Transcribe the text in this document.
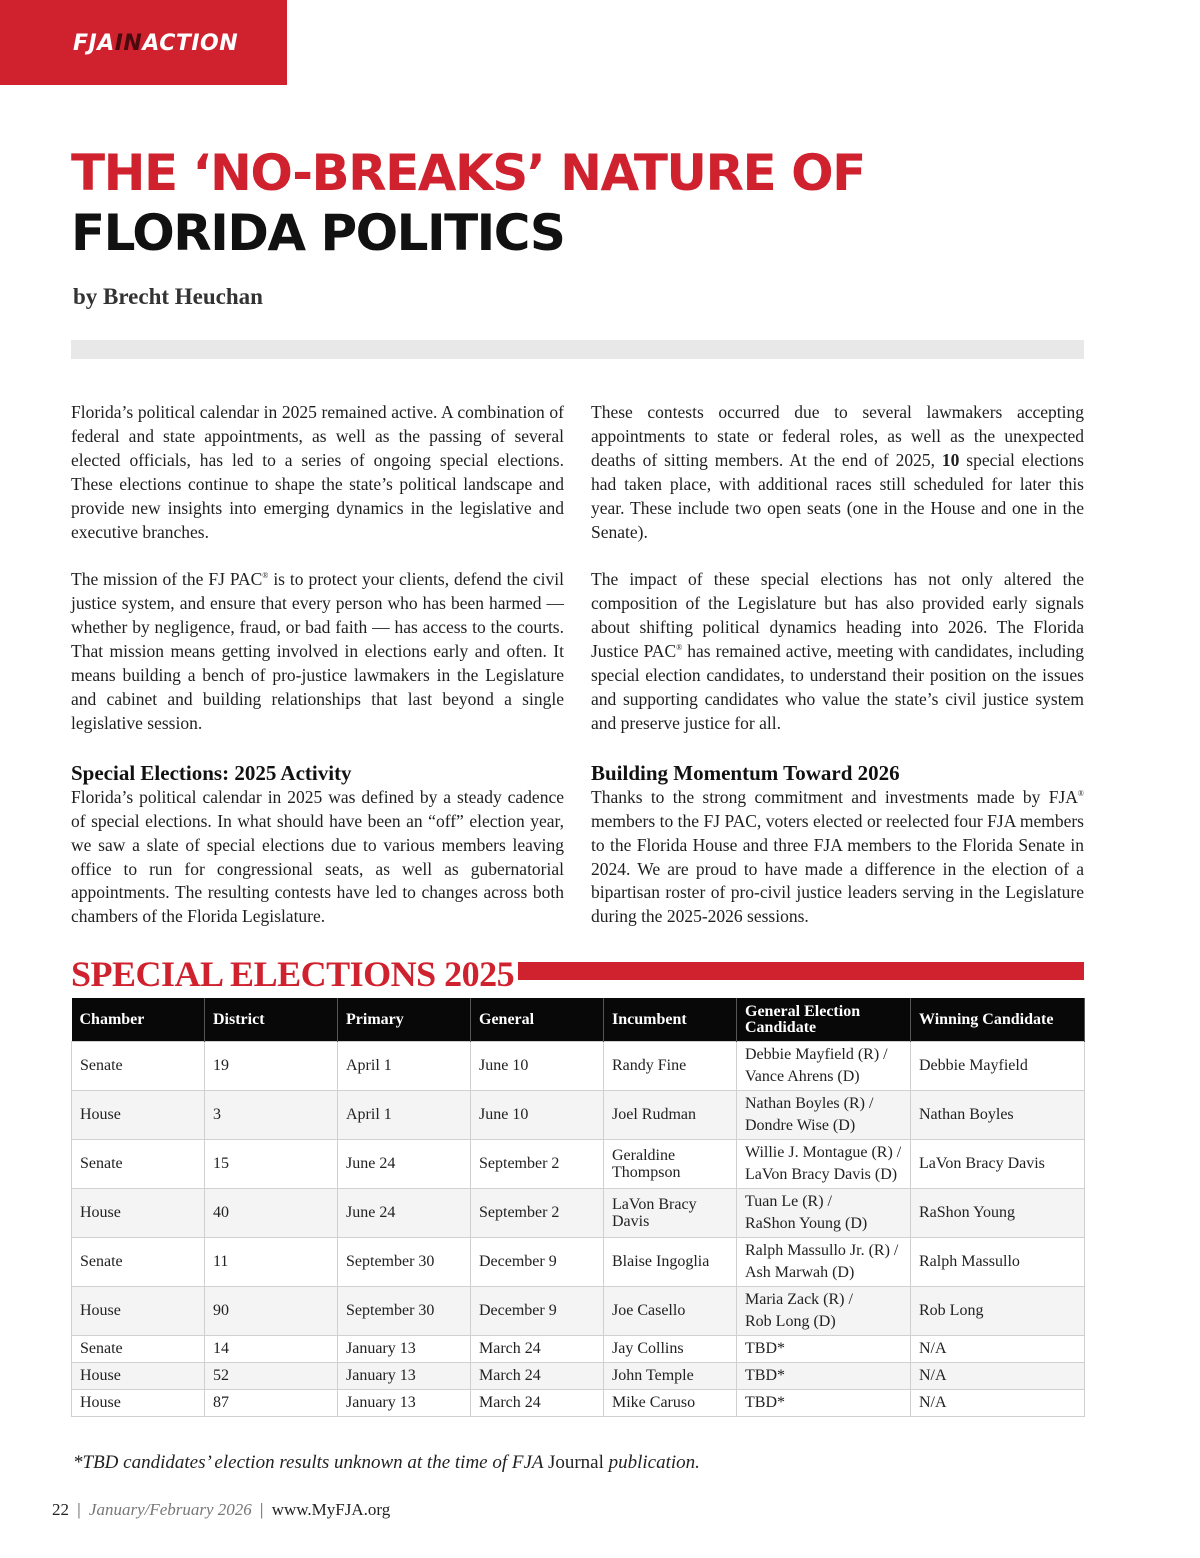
FJAINACTION
THE ‘NO-BREAKS’ NATURE OF
FLORIDA POLITICS
by Brecht Heuchan

Florida’s political calendar in 2025 remained active. A combination of federal and state appointments, as well as the passing of several elected officials, has led to a series of ongoing special elections. These elections continue to shape the state’s political landscape and provide new insights into emerging dynamics in the legislative and executive branches.

The mission of the FJ PAC® is to protect your clients, defend the civil justice system, and ensure that every person who has been harmed — whether by negligence, fraud, or bad faith — has access to the courts. That mission means getting involved in elections early and often. It means building a bench of pro-justice lawmakers in the Legislature and cabinet and building relationships that last beyond a single legislative session.

Special Elections: 2025 Activity

Florida’s political calendar in 2025 was defined by a steady cadence of special elections. In what should have been an “off” election year, we saw a slate of special elections due to various members leaving office to run for congressional seats, as well as gubernatorial appointments. The resulting contests have led to changes across both chambers of the Florida Legislature.

These contests occurred due to several lawmakers accepting appointments to state or federal roles, as well as the unexpected deaths of sitting members. At the end of 2025, 10 special elections had taken place, with additional races still scheduled for later this year. These include two open seats (one in the House and one in the Senate).

The impact of these special elections has not only altered the composition of the Legislature but has also provided early signals about shifting political dynamics heading into 2026. The Florida Justice PAC® has remained active, meeting with candidates, including special election candidates, to understand their position on the issues and supporting candidates who value the state’s civil justice system and preserve justice for all.

Building Momentum Toward 2026

Thanks to the strong commitment and investments made by FJA® members to the FJ PAC, voters elected or reelected four FJA members to the Florida House and three FJA members to the Florida Senate in 2024. We are proud to have made a difference in the election of a bipartisan roster of pro-civil justice leaders serving in the Legislature during the 2025-2026 sessions.

SPECIAL ELECTIONS 2025
Chamber	District	Primary	General	Incumbent	General Election Candidate	Winning Candidate
Senate	19	April 1	June 10	Randy Fine	Debbie Mayfield (R) /
Vance Ahrens (D)	Debbie Mayfield
House	3	April 1	June 10	Joel Rudman	Nathan Boyles (R) /
Dondre Wise (D)	Nathan Boyles
Senate	15	June 24	September 2	Geraldine Thompson	Willie J. Montague (R) /
LaVon Bracy Davis (D)	LaVon Bracy Davis
House	40	June 24	September 2	LaVon Bracy Davis	Tuan Le (R) /
RaShon Young (D)	RaShon Young
Senate	11	September 30	December 9	Blaise Ingoglia	Ralph Massullo Jr. (R) /
Ash Marwah (D)	Ralph Massullo
House	90	September 30	December 9	Joe Casello	Maria Zack (R) /
Rob Long (D)	Rob Long
Senate	14	January 13	March 24	Jay Collins	TBD*	N/A
House	52	January 13	March 24	John Temple	TBD*	N/A
House	87	January 13	March 24	Mike Caruso	TBD*	N/A
*TBD candidates’ election results unknown at the time of FJA Journal publication.
22 | January/February 2026 | www.MyFJA.org
